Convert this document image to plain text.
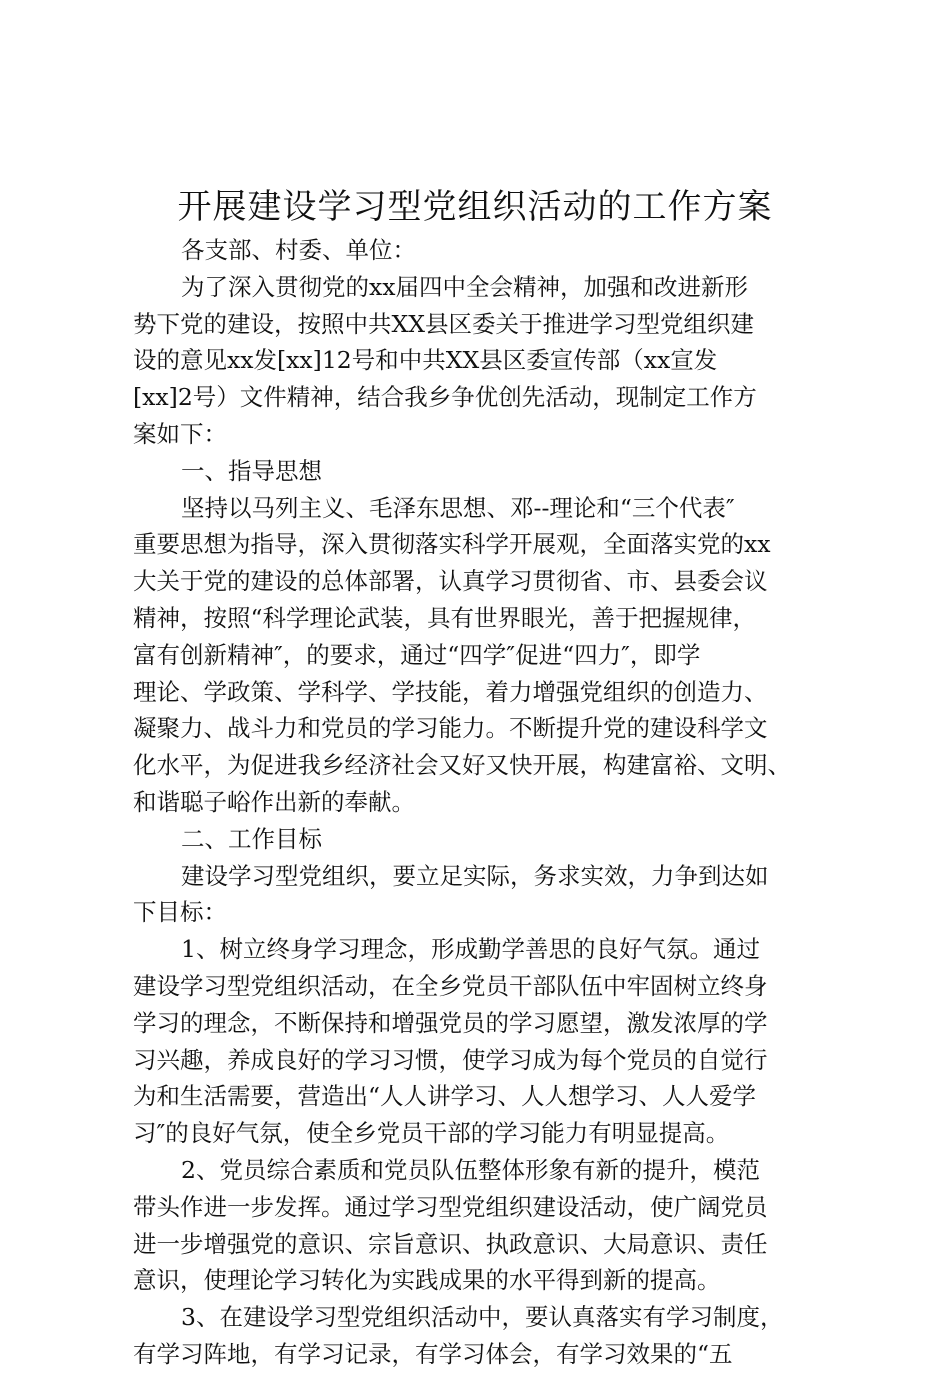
开展建设学习型党组织活动的工作方案
各支部、村委、单位：
为了深入贯彻党的xx届四中全会精神，加强和改进新形
势下党的建设，按照中共XX县区委关于推进学习型党组织建
设的意见xx发[xx]12号和中共XX县区委宣传部（xx宣发
[xx]2号）文件精神，结合我乡争优创先活动，现制定工作方
案如下：
一、指导思想
坚持以马列主义、毛泽东思想、邓--理论和“三个代表″
重要思想为指导，深入贯彻落实科学开展观，全面落实党的xx
大关于党的建设的总体部署，认真学习贯彻省、市、县委会议
精神，按照“科学理论武装，具有世界眼光，善于把握规律，
富有创新精神″，的要求，通过“四学″促进“四力″，即学
理论、学政策、学科学、学技能，着力增强党组织的创造力、
凝聚力、战斗力和党员的学习能力。不断提升党的建设科学文
化水平，为促进我乡经济社会又好又快开展，构建富裕、文明、
和谐聪子峪作出新的奉献。
二、工作目标
建设学习型党组织，要立足实际，务求实效，力争到达如
下目标：
1、树立终身学习理念，形成勤学善思的良好气氛。通过
建设学习型党组织活动，在全乡党员干部队伍中牢固树立终身
学习的理念，不断保持和增强党员的学习愿望，激发浓厚的学
习兴趣，养成良好的学习习惯，使学习成为每个党员的自觉行
为和生活需要，营造出“人人讲学习、人人想学习、人人爱学
习″的良好气氛，使全乡党员干部的学习能力有明显提高。
2、党员综合素质和党员队伍整体形象有新的提升，模范
带头作进一步发挥。通过学习型党组织建设活动，使广阔党员
进一步增强党的意识、宗旨意识、执政意识、大局意识、责任
意识，使理论学习转化为实践成果的水平得到新的提高。
3、在建设学习型党组织活动中，要认真落实有学习制度，
有学习阵地，有学习记录，有学习体会，有学习效果的“五
